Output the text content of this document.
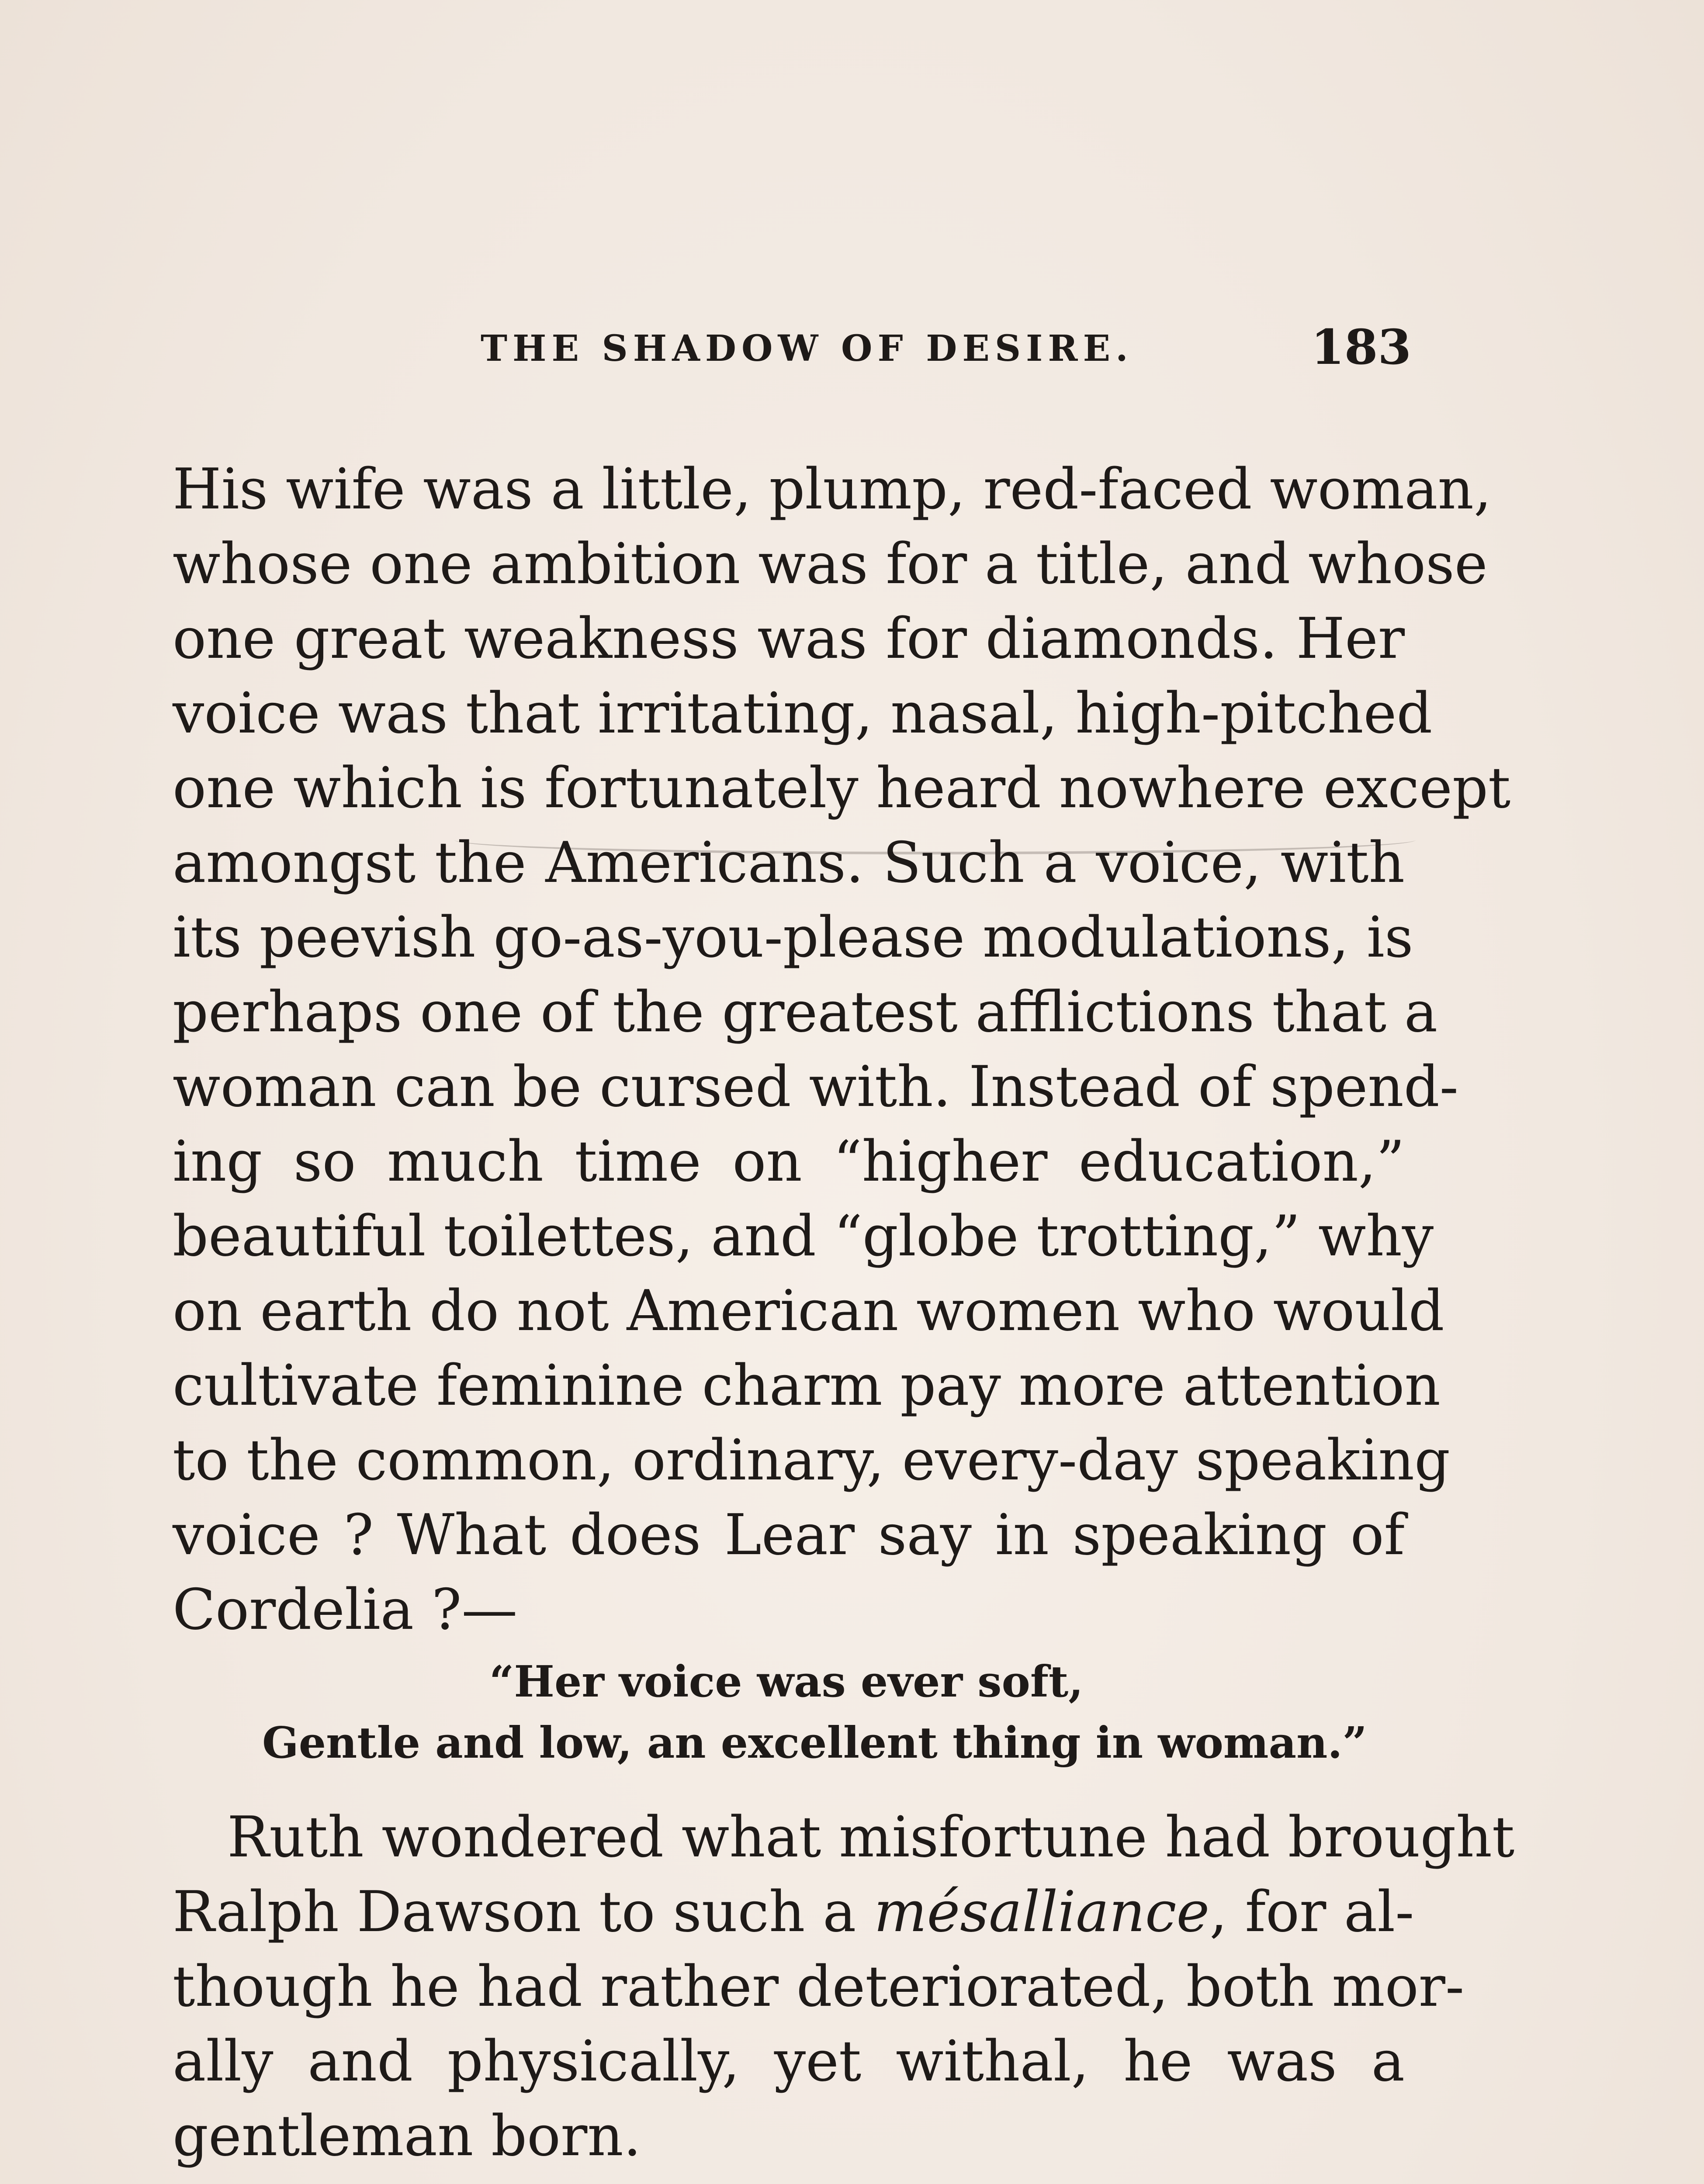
THE SHADOW OF DESIRE.	183
His wife was a little, plump, red-faced woman,
whose one ambition was for a title, and whose
one great weakness was for diamonds. Her
voice was that irritating, nasal, high-pitched
one which is fortunately heard nowhere except
amongst the Americans. Such a voice, with
its peevish go-as-you-please modulations, is
perhaps one of the greatest afflictions that a
woman can be cursed with. Instead of spend-
ing so much time on “higher education,”
beautiful toilettes, and “globe trotting,” why
on earth do not American women who would
cultivate feminine charm pay more attention
to the common, ordinary, every-day speaking
voice ? What does Lear say in speaking of
Cordelia ?—
“Her voice was ever soft,
Gentle and low, an excellent thing in woman.”
Ruth wondered what misfortune had brought
Ralph Dawson to such a mésalliance, for al-
though he had rather deteriorated, both mor-
ally and physically, yet withal, he was a
gentleman born.
